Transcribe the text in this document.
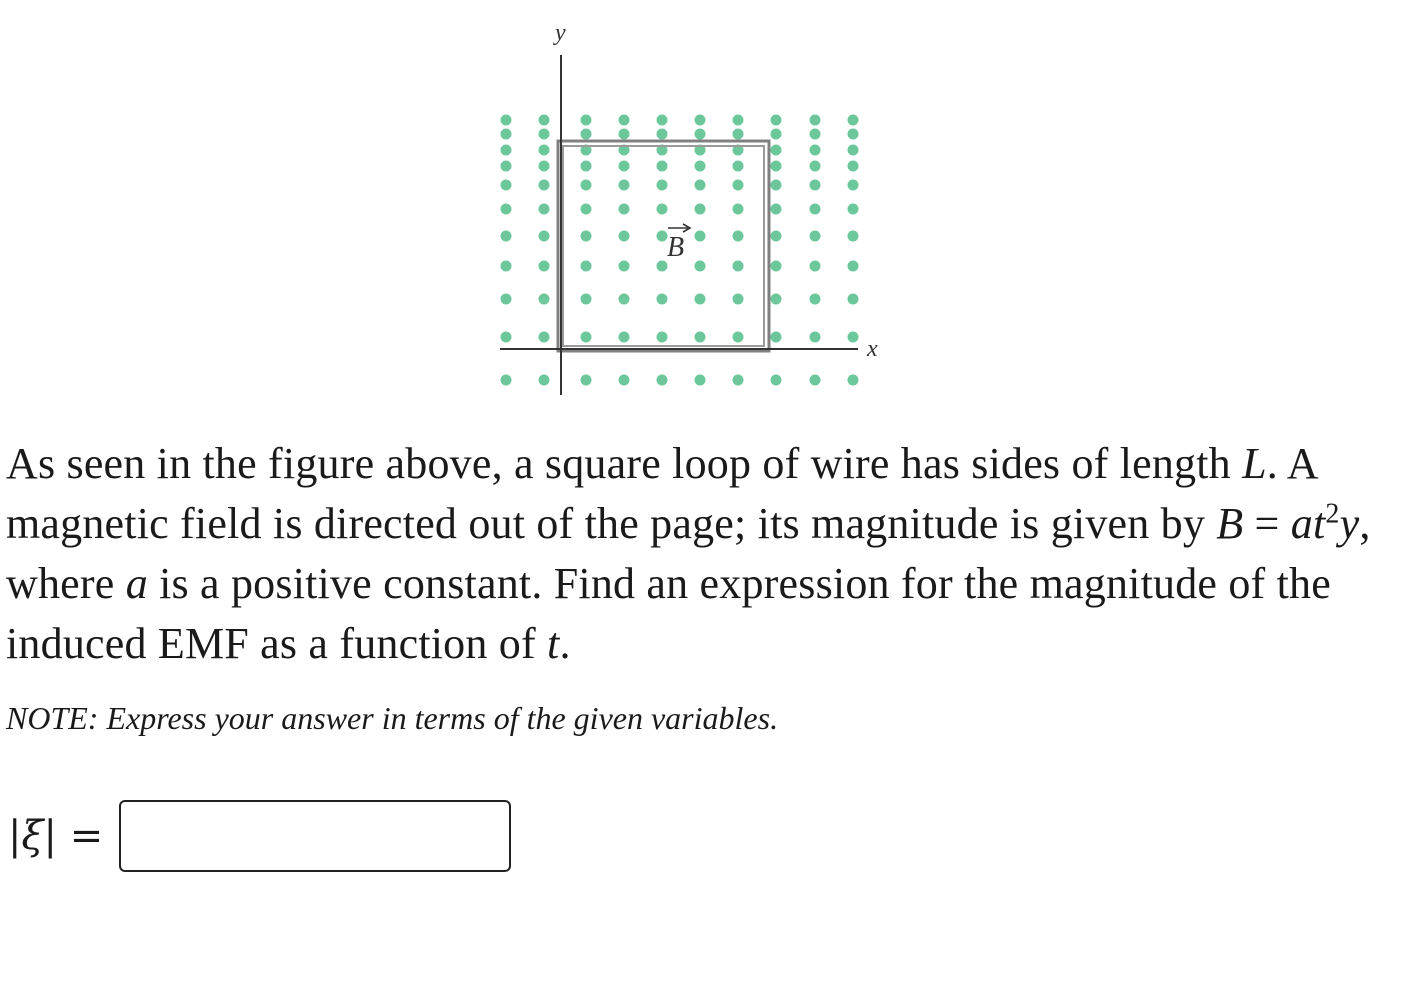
y
x
B

As seen in the figure above, a square loop of wire has sides of length L. A magnetic field is directed out of the page; its magnitude is given by $B = at^2y$, where a is a positive constant. Find an expression for the magnitude of the induced EMF as a function of t.

NOTE: Express your answer in terms of the given variables.

|ξ| =
